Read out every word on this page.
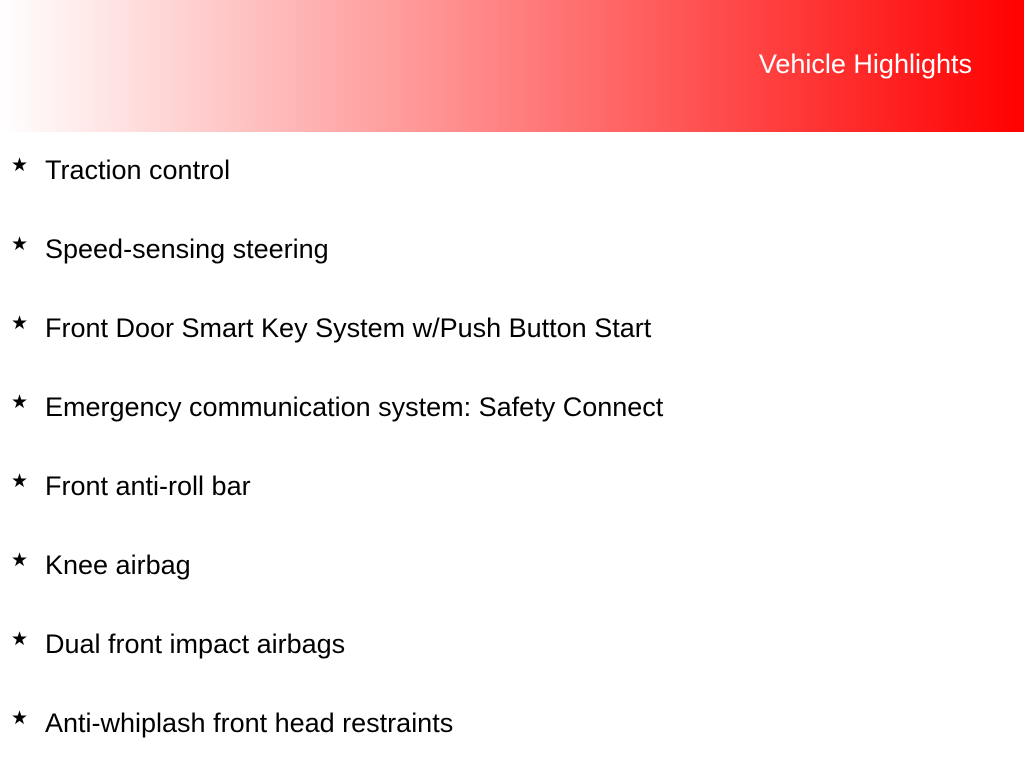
Vehicle Highlights
★ Traction control
★ Speed-sensing steering
★ Front Door Smart Key System w/Push Button Start
★ Emergency communication system: Safety Connect
★ Front anti-roll bar
★ Knee airbag
★ Dual front impact airbags
★ Anti-whiplash front head restraints
